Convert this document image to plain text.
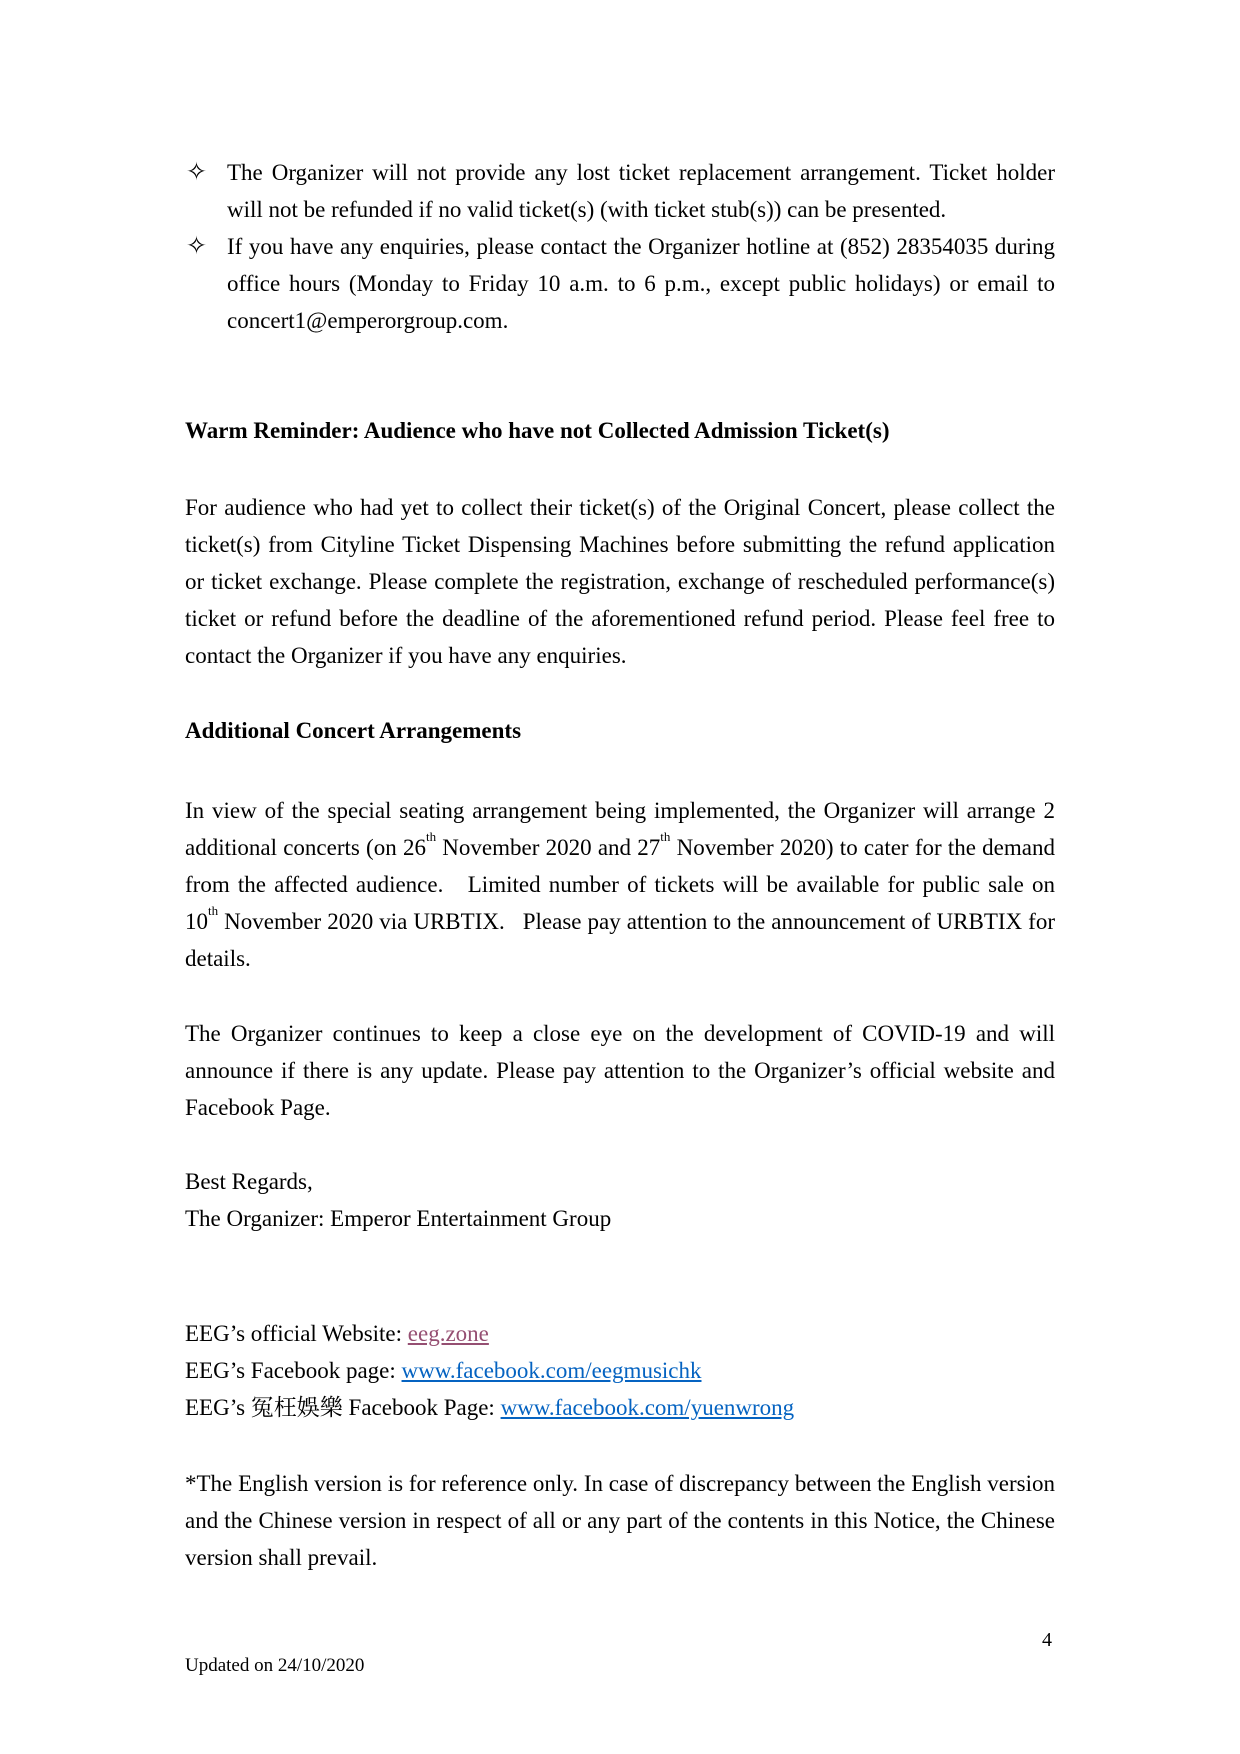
✧ The Organizer will not provide any lost ticket replacement arrangement. Ticket holder will not be refunded if no valid ticket(s) (with ticket stub(s)) can be presented.
✧ If you have any enquiries, please contact the Organizer hotline at (852) 28354035 during office hours (Monday to Friday 10 a.m. to 6 p.m., except public holidays) or email to concert1@emperorgroup.com.
Warm Reminder: Audience who have not Collected Admission Ticket(s)

For audience who had yet to collect their ticket(s) of the Original Concert, please collect the ticket(s) from Cityline Ticket Dispensing Machines before submitting the refund application or ticket exchange. Please complete the registration, exchange of rescheduled performance(s) ticket or refund before the deadline of the aforementioned refund period. Please feel free to contact the Organizer if you have any enquiries.

Additional Concert Arrangements

In view of the special seating arrangement being implemented, the Organizer will arrange 2 additional concerts (on 26th November 2020 and 27th November 2020) to cater for the demand from the affected audience.   Limited number of tickets will be available for public sale on 10th November 2020 via URBTIX.   Please pay attention to the announcement of URBTIX for details.

The Organizer continues to keep a close eye on the development of COVID-19 and will announce if there is any update. Please pay attention to the Organizer’s official website and Facebook Page.

Best Regards,
The Organizer: Emperor Entertainment Group
EEG’s official Website: eeg.zone
EEG’s Facebook page: www.facebook.com/eegmusichk
EEG’s 冤枉娛樂 Facebook Page: www.facebook.com/yuenwrong

*The English version is for reference only. In case of discrepancy between the English version and the Chinese version in respect of all or any part of the contents in this Notice, the Chinese version shall prevail.

4
Updated on 24/10/2020
